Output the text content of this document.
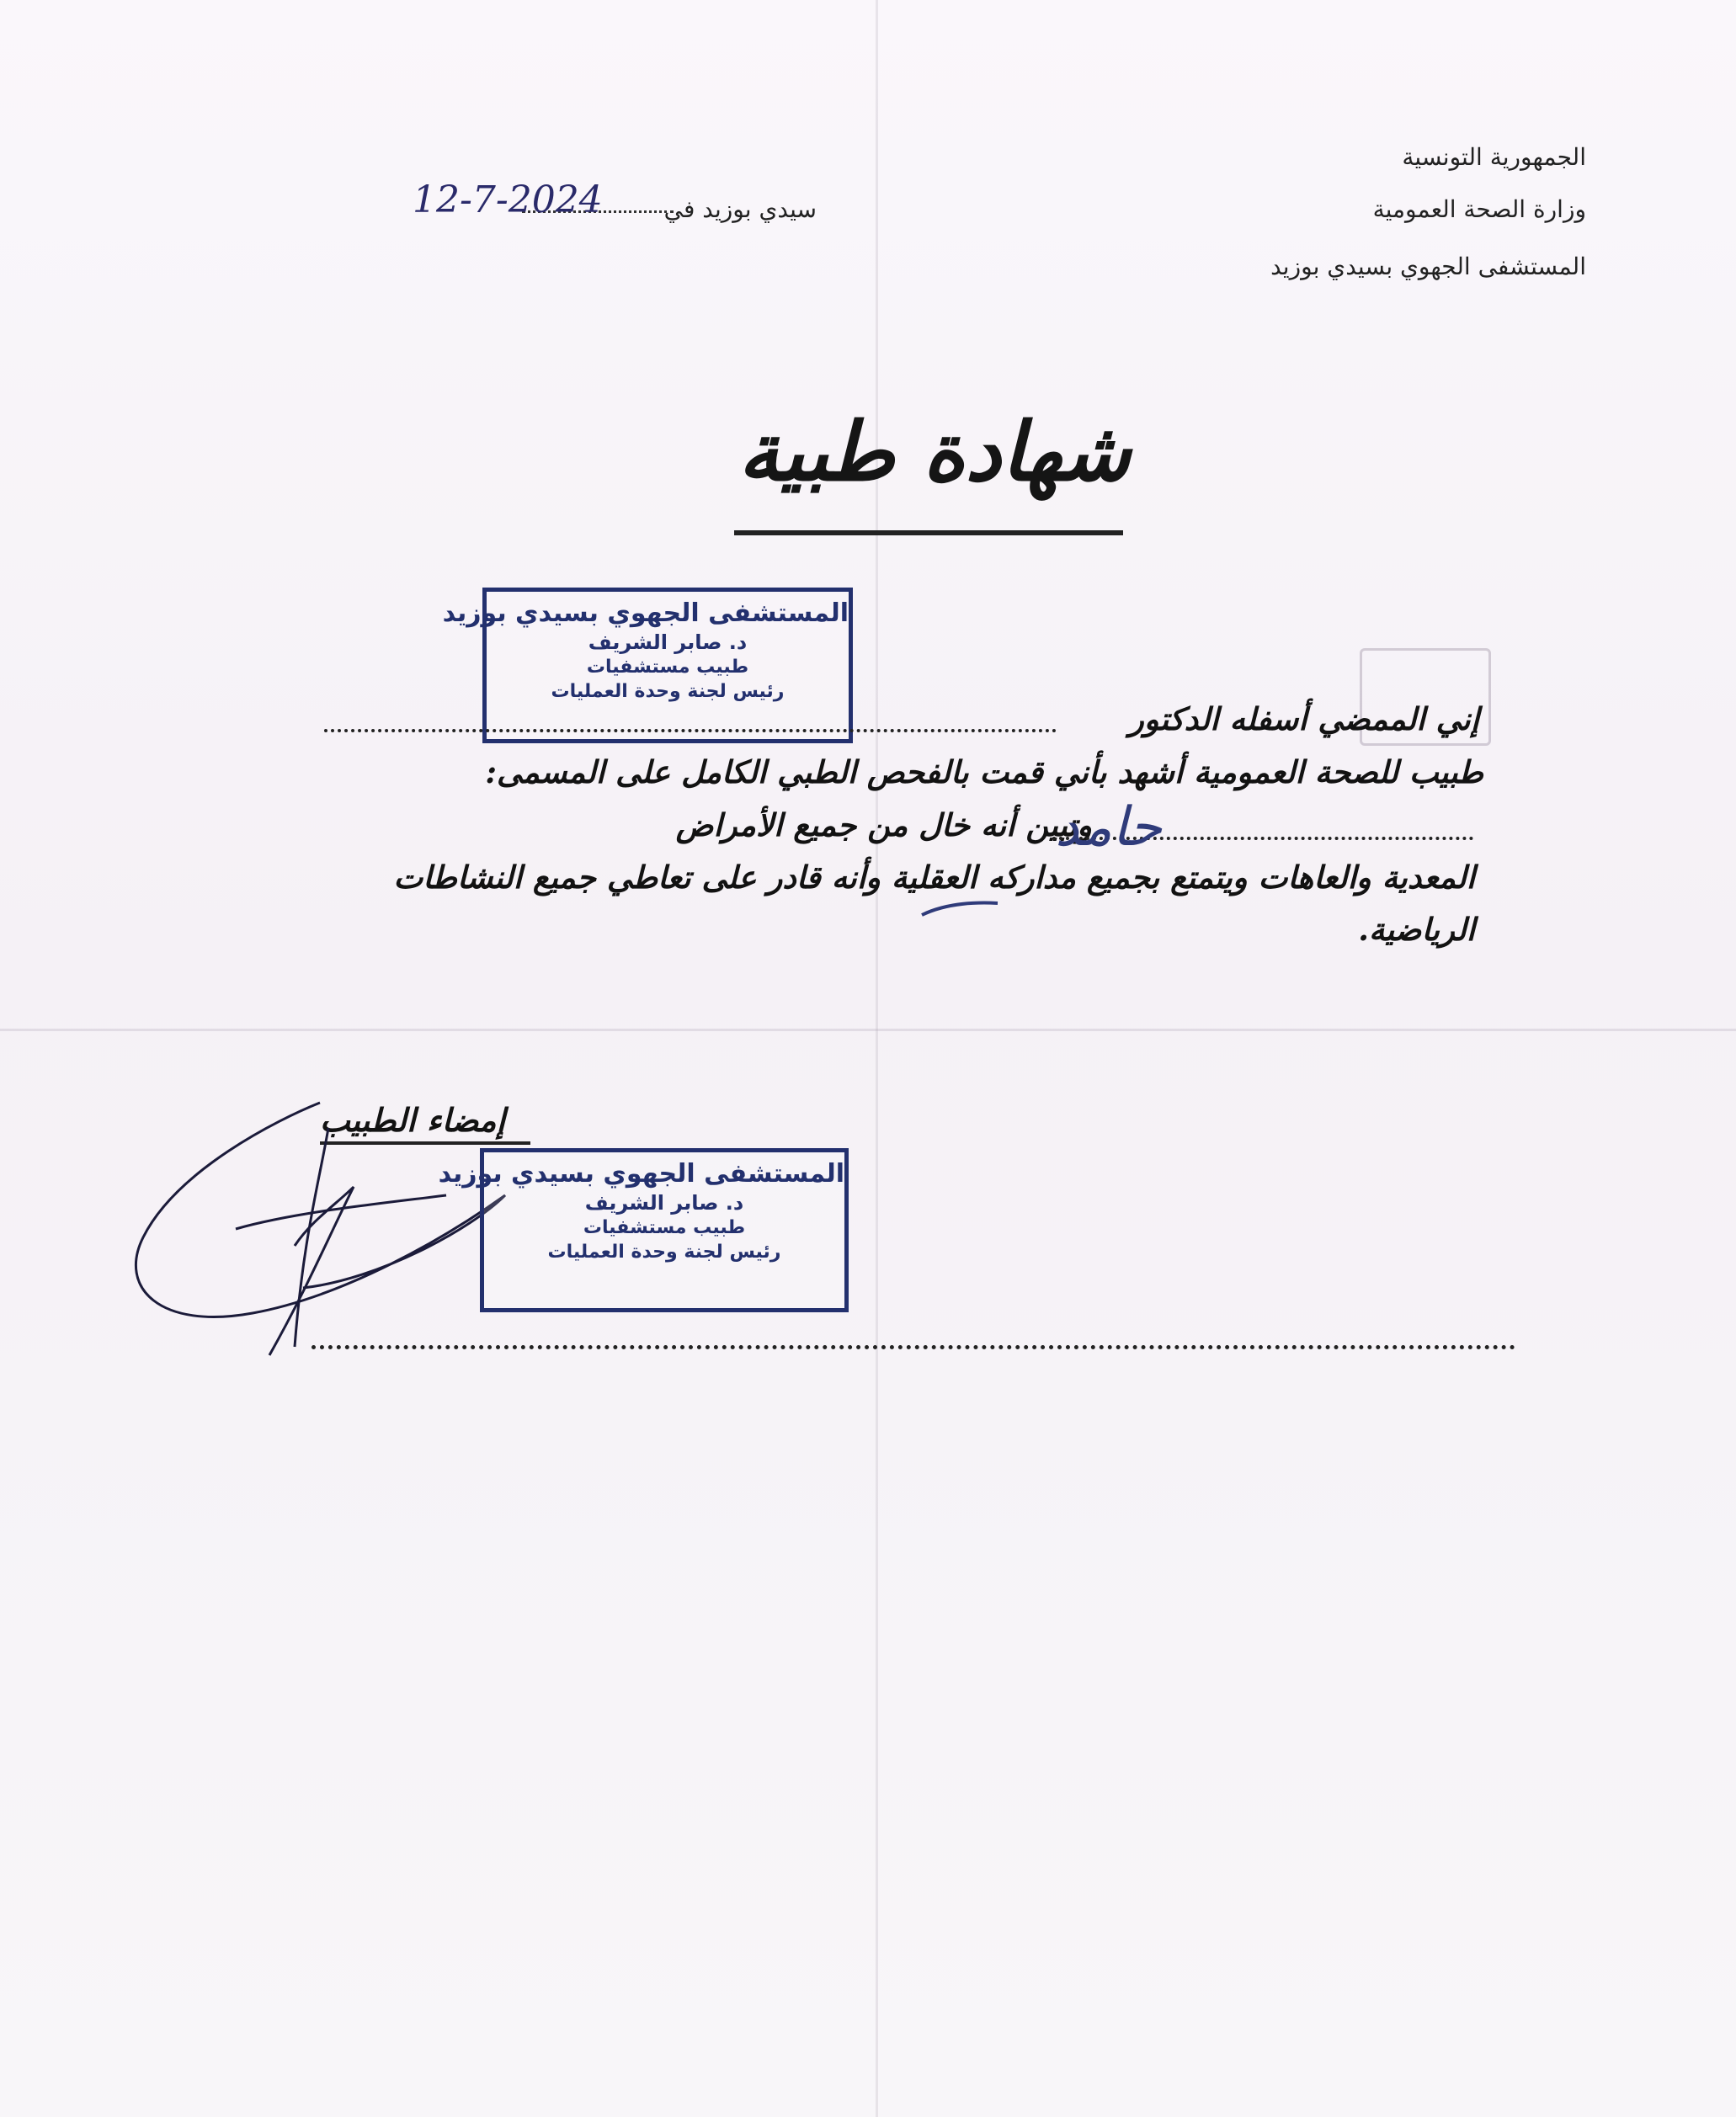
الجمهورية التونسية
وزارة الصحة العمومية
المستشفى الجهوي بسيدي بوزيد
سيدي بوزيد في
12-7-2024
شهادة طبية
المستشفى الجهوي بسيدي بوزيد
د. صابر الشريف
طبيب مستشفيات
رئيس لجنة وحدة العمليات
إني الممضي أسفله الدكتور
طبيب للصحة العمومية أشهد بأني قمت بالفحص الطبي الكامل على المسمى:
وتبين أنه خال من جميع الأمراض
حامد
المعدية والعاهات ويتمتع بجميع مداركه العقلية وأنه قادر على تعاطي جميع النشاطات
الرياضية.
إمضاء الطبيب
المستشفى الجهوي بسيدي بوزيد
د. صابر الشريف
طبيب مستشفيات
رئيس لجنة وحدة العمليات
